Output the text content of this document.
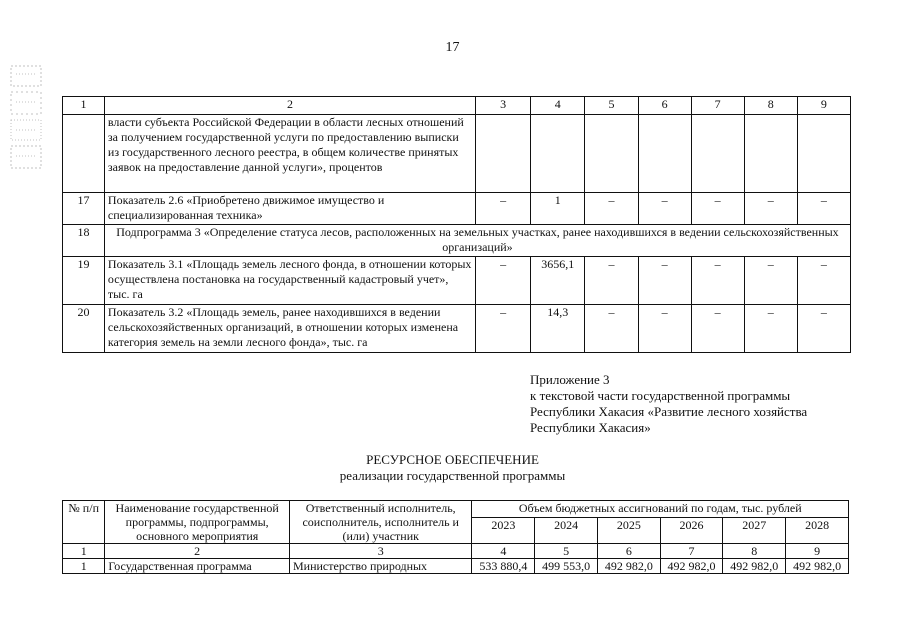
17
1	2	3	4	5	6	7	8	9
	власти субъекта Российской Федерации в области лесных отношений за получением государственной услуги по предоставлению выписки из государственного лесного реестра, в общем количестве принятых заявок на предоставление данной услуги», процентов							
17	Показатель 2.6 «Приобретено движимое имущество и специализированная техника»	–	1	–	–	–	–	–
18	Подпрограмма 3 «Определение статуса лесов, расположенных на земельных участках, ранее находившихся в ведении сельскохозяйственных организаций»							
19	Показатель 3.1 «Площадь земель лесного фонда, в отношении которых осуществлена постановка на государственный кадастровый учет», тыс. га	–	3656,1	–	–	–	–	–
20	Показатель 3.2 «Площадь земель, ранее находившихся в ведении сельскохозяйственных организаций, в отношении которых изменена категория земель на земли лесного фонда», тыс. га	–	14,3	–	–	–	–	–
Приложение 3
к текстовой части государственной программы
Республики Хакасия «Развитие лесного хозяйства
Республики Хакасия»
РЕСУРСНОЕ ОБЕСПЕЧЕНИЕ
реализации государственной программы
№ п/п	Наименование государственной программы, подпрограммы, основного мероприятия	Ответственный исполнитель, соисполнитель, исполнитель и (или) участник	Объем бюджетных ассигнований по годам, тыс. рублей					
			2023	2024	2025	2026	2027	2028
1	2	3	4	5	6	7	8	9
1	Государственная программа	Министерство природных	533 880,4	499 553,0	492 982,0	492 982,0	492 982,0	492 982,0
